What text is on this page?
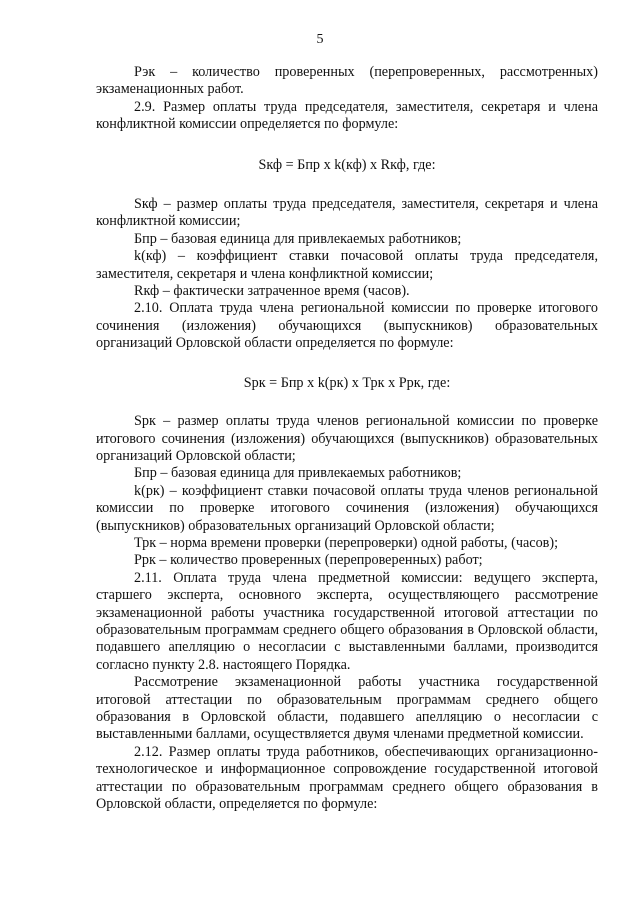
5

Рэк – количество проверенных (перепроверенных, рассмотренных) экзаменационных работ.

2.9. Размер оплаты труда председателя, заместителя, секретаря и члена конфликтной комиссии определяется по формуле:

Sкф = Бпр х k(кф) х Rкф, где:

Sкф – размер оплаты труда председателя, заместителя, секретаря и члена конфликтной комиссии;

Бпр – базовая единица для привлекаемых работников;

k(кф) – коэффициент ставки почасовой оплаты труда председателя, заместителя, секретаря и члена конфликтной комиссии;

Rкф – фактически затраченное время (часов).

2.10. Оплата труда члена региональной комиссии по проверке итогового сочинения (изложения) обучающихся (выпускников) образовательных организаций Орловской области определяется по формуле:

Sрк = Бпр х k(рк) х Трк х Ррк, где:

Sрк – размер оплаты труда членов региональной комиссии по проверке итогового сочинения (изложения) обучающихся (выпускников) образовательных организаций Орловской области;

Бпр – базовая единица для привлекаемых работников;

k(рк) – коэффициент ставки почасовой оплаты труда членов региональной комиссии по проверке итогового сочинения (изложения) обучающихся (выпускников) образовательных организаций Орловской области;

Трк – норма времени проверки (перепроверки) одной работы, (часов);

Ррк – количество проверенных (перепроверенных) работ;

2.11. Оплата труда члена предметной комиссии: ведущего эксперта, старшего эксперта, основного эксперта, осуществляющего рассмотрение экзаменационной работы участника государственной итоговой аттестации по образовательным программам среднего общего образования в Орловской области, подавшего апелляцию о несогласии с выставленными баллами, производится согласно пункту 2.8. настоящего Порядка.

Рассмотрение экзаменационной работы участника государственной итоговой аттестации по образовательным программам среднего общего образования в Орловской области, подавшего апелляцию о несогласии с выставленными баллами, осуществляется двумя членами предметной комиссии.

2.12. Размер оплаты труда работников, обеспечивающих организационно-технологическое и информационное сопровождение государственной итоговой аттестации по образовательным программам среднего общего образования в Орловской области, определяется по формуле:
